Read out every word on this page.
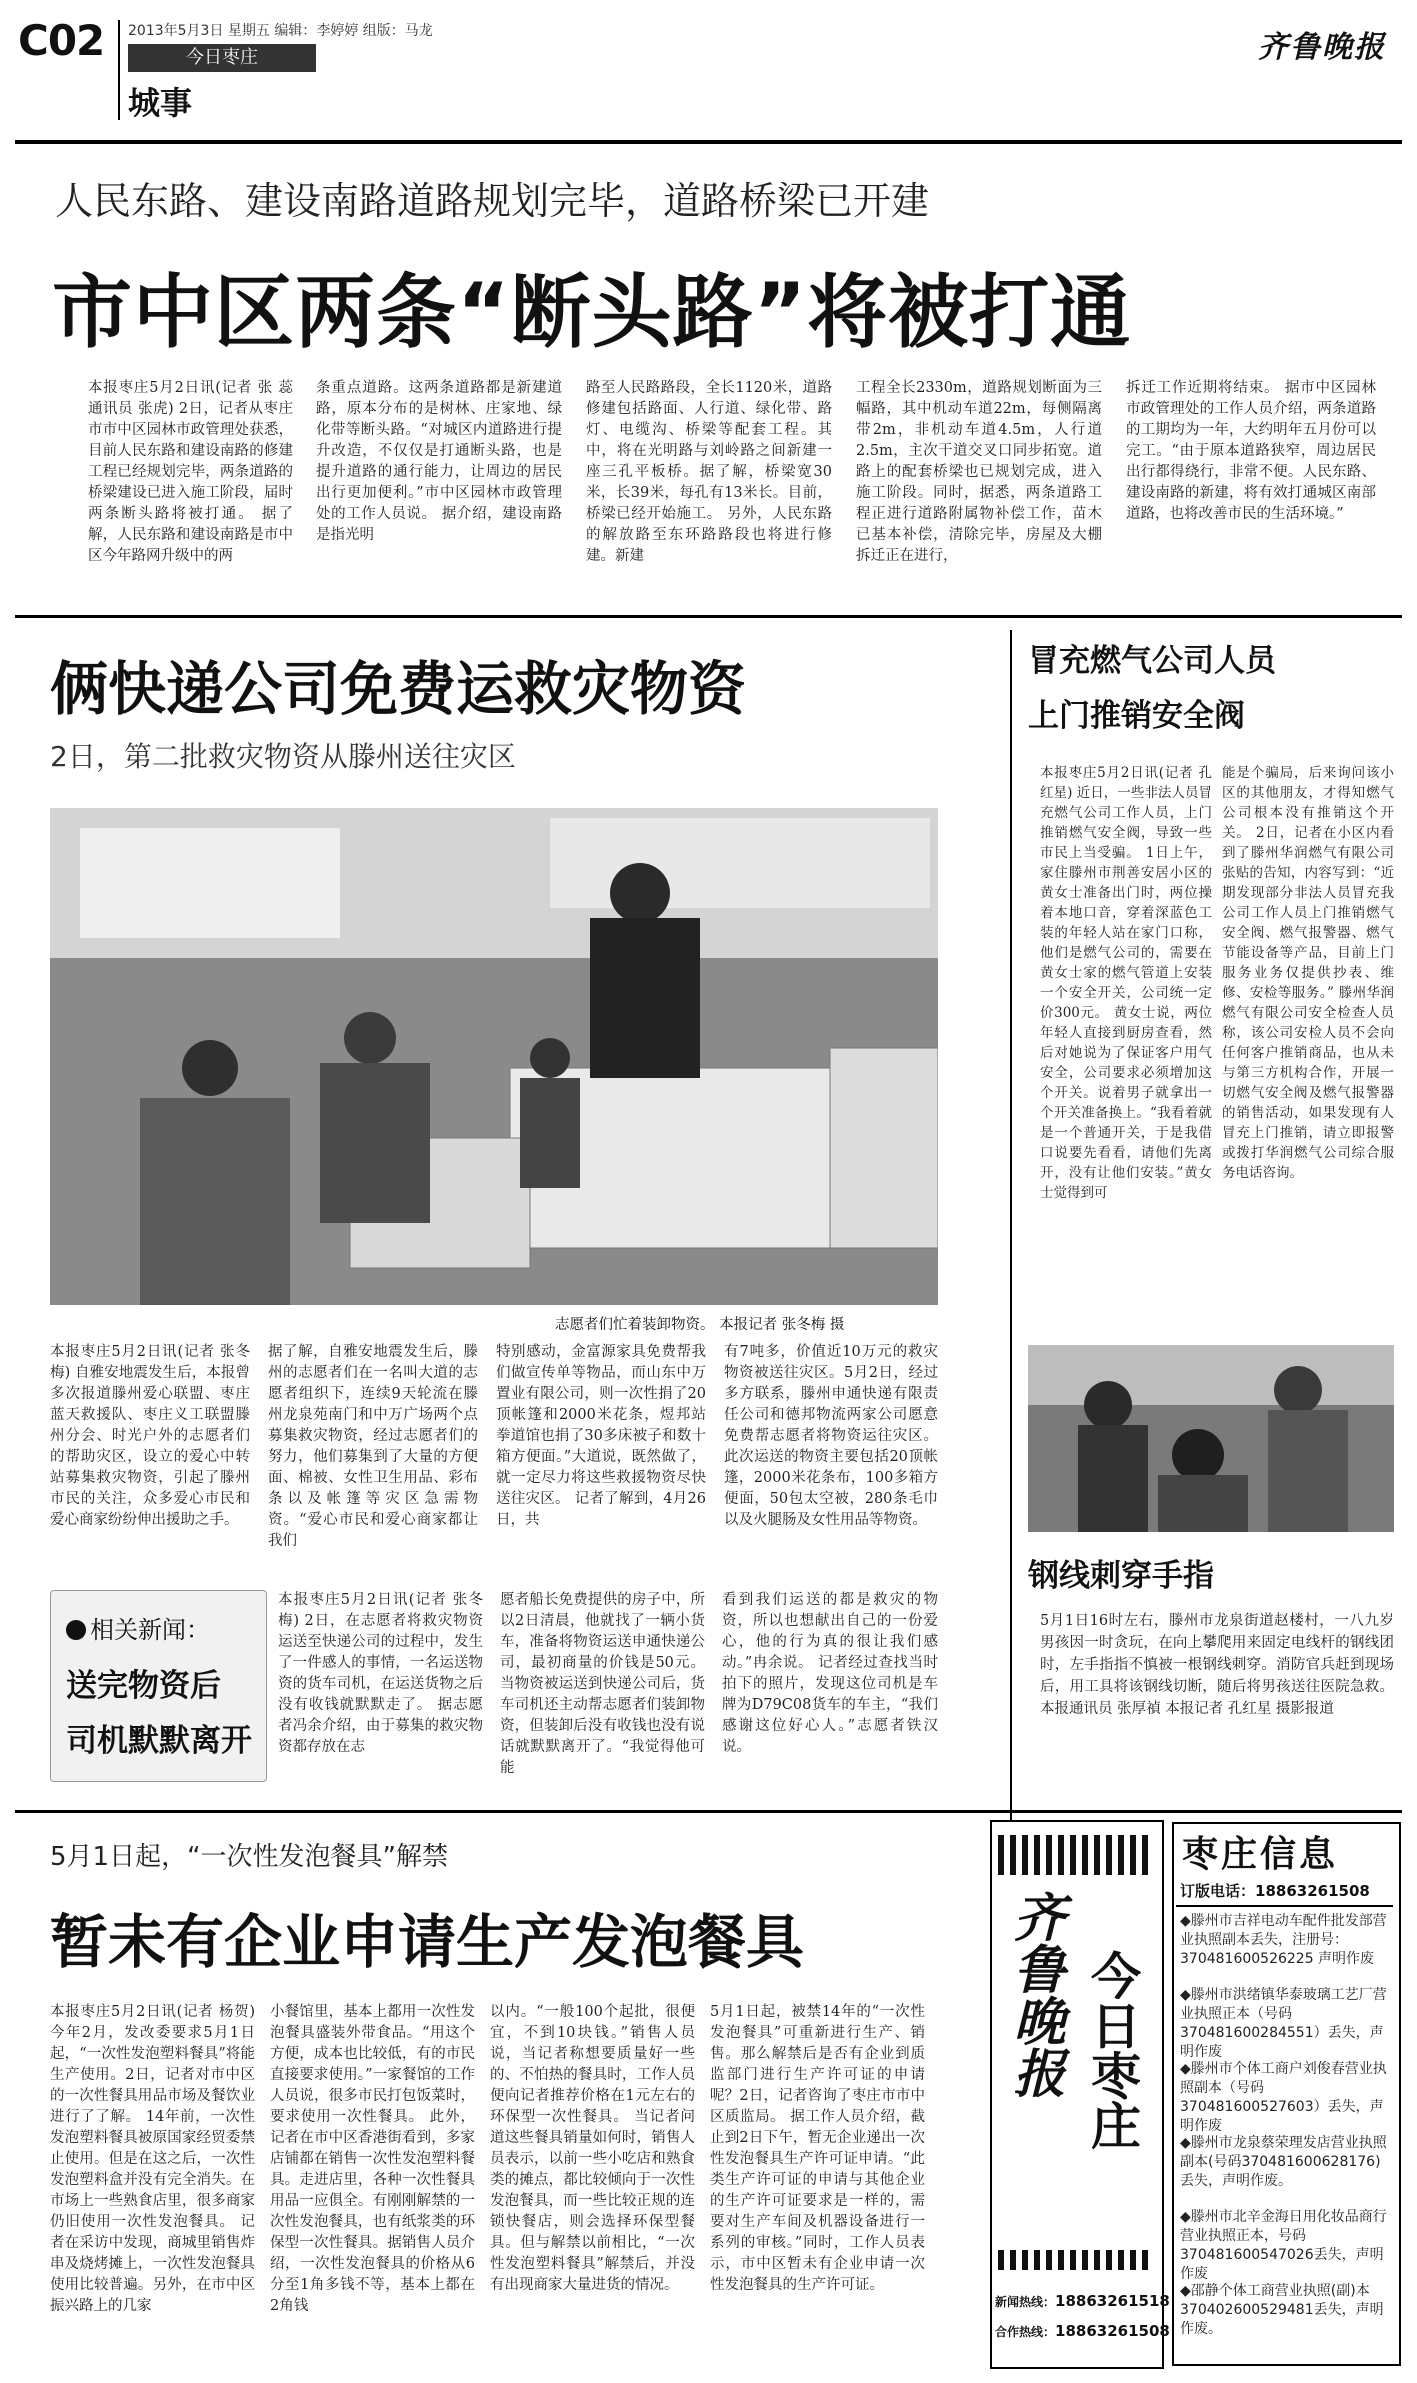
C02 2013年5月3日 星期五 编辑：李婷婷 组版：马龙
今日枣庄
城事
齐鲁晚报
人民东路、建设南路道路规划完毕，道路桥梁已开建
市中区两条“断头路”将被打通
本报枣庄5月2日讯(记者 张 蕊 通讯员 张虎) 2日，记者从枣庄市市中区园林市政管理处获悉，目前人民东路和建设南路的修建工程已经规划完毕，两条道路的桥梁建设已进入施工阶段，届时两条断头路将被打通。 据了解，人民东路和建设南路是市中区今年路网升级中的两
条重点道路。这两条道路都是新建道路，原本分布的是树林、庄家地、绿化带等断头路。“对城区内道路进行提升改造，不仅仅是打通断头路，也是提升道路的通行能力，让周边的居民出行更加便利。”市中区园林市政管理处的工作人员说。 据介绍，建设南路是指光明
路至人民路路段，全长1120米，道路修建包括路面、人行道、绿化带、路灯、电缆沟、桥梁等配套工程。其中，将在光明路与刘岭路之间新建一座三孔平板桥。据了解，桥梁宽30米，长39米，每孔有13米长。目前，桥梁已经开始施工。 另外，人民东路的解放路至东环路路段也将进行修建。新建
工程全长2330m，道路规划断面为三幅路，其中机动车道22m，每侧隔离带2m，非机动车道4.5m，人行道2.5m，主次干道交叉口同步拓宽。道路上的配套桥梁也已规划完成，进入施工阶段。同时，据悉，两条道路工程正进行道路附属物补偿工作，苗木已基本补偿，清除完毕，房屋及大棚拆迁正在进行，
拆迁工作近期将结束。 据市中区园林市政管理处的工作人员介绍，两条道路的工期均为一年，大约明年五月份可以完工。“由于原本道路狭窄，周边居民出行都得绕行，非常不便。人民东路、建设南路的新建，将有效打通城区南部道路，也将改善市民的生活环境。”
俩快递公司免费运救灾物资
2日，第二批救灾物资从滕州送往灾区
志愿者们忙着装卸物资。 本报记者 张冬梅 摄
本报枣庄5月2日讯(记者 张冬梅) 自雅安地震发生后，本报曾多次报道滕州爱心联盟、枣庄蓝天救援队、枣庄义工联盟滕州分会、时光户外的志愿者们的帮助灾区，设立的爱心中转站募集救灾物资，引起了滕州市民的关注，众多爱心市民和爱心商家纷纷伸出援助之手。
据了解，自雅安地震发生后，滕州的志愿者们在一名叫大道的志愿者组织下，连续9天轮流在滕州龙泉苑南门和中万广场两个点募集救灾物资，经过志愿者们的努力，他们募集到了大量的方便面、棉被、女性卫生用品、彩布条以及帐篷等灾区急需物资。“爱心市民和爱心商家都让我们
特别感动，金富源家具免费帮我们做宣传单等物品，而山东中万置业有限公司，则一次性捐了20顶帐篷和2000米花条，煜邦站拳道馆也捐了30多床被子和数十箱方便面。”大道说，既然做了，就一定尽力将这些救援物资尽快送往灾区。 记者了解到，4月26日，共
有7吨多，价值近10万元的救灾物资被送往灾区。5月2日，经过多方联系，滕州申通快递有限责任公司和德邦物流两家公司愿意免费帮志愿者将物资运往灾区。此次运送的物资主要包括20顶帐篷，2000米花条布，100多箱方便面，50包太空被，280条毛巾以及火腿肠及女性用品等物资。
相关新闻：
送完物资后
司机默默离开
本报枣庄5月2日讯(记者 张冬梅) 2日，在志愿者将救灾物资运送至快递公司的过程中，发生了一件感人的事情，一名运送物资的货车司机，在运送货物之后没有收钱就默默走了。 据志愿者冯余介绍，由于募集的救灾物资都存放在志
愿者船长免费提供的房子中，所以2日清晨，他就找了一辆小货车，准备将物资运送申通快递公司，最初商量的价钱是50元。当物资被运送到快递公司后，货车司机还主动帮志愿者们装卸物资，但装卸后没有收钱也没有说话就默默离开了。“我觉得他可能
看到我们运送的都是救灾的物资，所以也想献出自己的一份爱心，他的行为真的很让我们感动。”冉余说。 记者经过查找当时拍下的照片，发现这位司机是车牌为D79C08货车的车主，“我们感谢这位好心人。”志愿者铁汉说。
冒充燃气公司人员
上门推销安全阀
本报枣庄5月2日讯(记者 孔红星) 近日，一些非法人员冒充燃气公司工作人员，上门推销燃气安全阀，导致一些市民上当受骗。 1日上午，家住滕州市荆善安居小区的黄女士准备出门时，两位操着本地口音，穿着深蓝色工装的年轻人站在家门口称，他们是燃气公司的，需要在黄女士家的燃气管道上安装一个安全开关，公司统一定价300元。 黄女士说，两位年轻人直接到厨房查看，然后对她说为了保证客户用气安全，公司要求必须增加这个开关。说着男子就拿出一个开关准备换上。“我看着就是一个普通开关，于是我借口说要先看看，请他们先离开，没有让他们安装。”黄女士觉得到可
能是个骗局，后来询问该小区的其他朋友，才得知燃气公司根本没有推销这个开关。 2日，记者在小区内看到了滕州华润燃气有限公司张贴的告知，内容写到：“近期发现部分非法人员冒充我公司工作人员上门推销燃气安全阀、燃气报警器、燃气节能设备等产品，目前上门服务业务仅提供抄表、维修、安检等服务。” 滕州华润燃气有限公司安全检查人员称，该公司安检人员不会向任何客户推销商品，也从未与第三方机构合作，开展一切燃气安全阀及燃气报警器的销售活动，如果发现有人冒充上门推销，请立即报警或拨打华润燃气公司综合服务电话咨询。
钢线刺穿手指
5月1日16时左右，滕州市龙泉街道赵楼村，一八九岁男孩因一时贪玩，在向上攀爬用来固定电线杆的钢线团时，左手指指不慎被一根钢线刺穿。消防官兵赶到现场后，用工具将该钢线切断，随后将男孩送往医院急救。 本报通讯员 张厚禎 本报记者 孔红星 摄影报道
5月1日起，“一次性发泡餐具”解禁
暂未有企业申请生产发泡餐具
本报枣庄5月2日讯(记者 杨贺) 今年2月，发改委要求5月1日起，“一次性发泡塑料餐具”将能生产使用。2日，记者对市中区的一次性餐具用品市场及餐饮业进行了了解。 14年前，一次性发泡塑料餐具被原国家经贸委禁止使用。但是在这之后，一次性发泡塑料盒并没有完全消失。在市场上一些熟食店里，很多商家仍旧使用一次性发泡餐具。 记者在采访中发现，商城里销售炸串及烧烤摊上，一次性发泡餐具使用比较普遍。另外，在市中区振兴路上的几家
小餐馆里，基本上都用一次性发泡餐具盛装外带食品。“用这个方便，成本也比较低，有的市民直接要求使用。”一家餐馆的工作人员说，很多市民打包饭菜时，要求使用一次性餐具。 此外，记者在市中区香港街看到，多家店铺都在销售一次性发泡塑料餐具。走进店里，各种一次性餐具用品一应俱全。有刚刚解禁的一次性发泡餐具，也有纸浆类的环保型一次性餐具。据销售人员介绍，一次性发泡餐具的价格从6分至1角多钱不等，基本上都在2角钱
以内。“一般100个起批，很便宜，不到10块钱。”销售人员说，当记者称想要质量好一些的、不怕热的餐具时，工作人员便向记者推荐价格在1元左右的环保型一次性餐具。 当记者问道这些餐具销量如何时，销售人员表示，以前一些小吃店和熟食类的摊点，都比较倾向于一次性发泡餐具，而一些比较正规的连锁快餐店，则会选择环保型餐具。但与解禁以前相比，“一次性发泡塑料餐具”解禁后，并没有出现商家大量进货的情况。
5月1日起，被禁14年的“一次性发泡餐具”可重新进行生产、销售。那么解禁后是否有企业到质监部门进行生产许可证的申请呢？2日，记者咨询了枣庄市市中区质监局。 据工作人员介绍，截止到2日下午，暂无企业递出一次性发泡餐具生产许可证申请。“此类生产许可证的申请与其他企业的生产许可证要求是一样的，需要对生产车间及机器设备进行一系列的审核。”同时，工作人员表示，市中区暂未有企业申请一次性发泡餐具的生产许可证。
齐鲁晚报 今日枣庄
新闻热线：18863261518
合作热线：18863261508
枣庄信息
订版电话：18863261508
◆滕州市吉祥电动车配件批发部营业执照副本丢失，注册号：370481600526225 声明作废
◆滕州市洪绪镇华泰玻璃工艺厂营业执照正本（号码370481600284551）丢失，声明作废
◆滕州市个体工商户刘俊春营业执照副本（号码370481600527603）丢失，声明作废
◆滕州市龙泉蔡荣理发店营业执照副本(号码370481600628176)丢失，声明作废。
◆滕州市北辛金海日用化妆品商行营业执照正本，号码370481600547026丢失，声明作废
◆邵静个体工商营业执照(副)本370402600529481丢失，声明作废。
